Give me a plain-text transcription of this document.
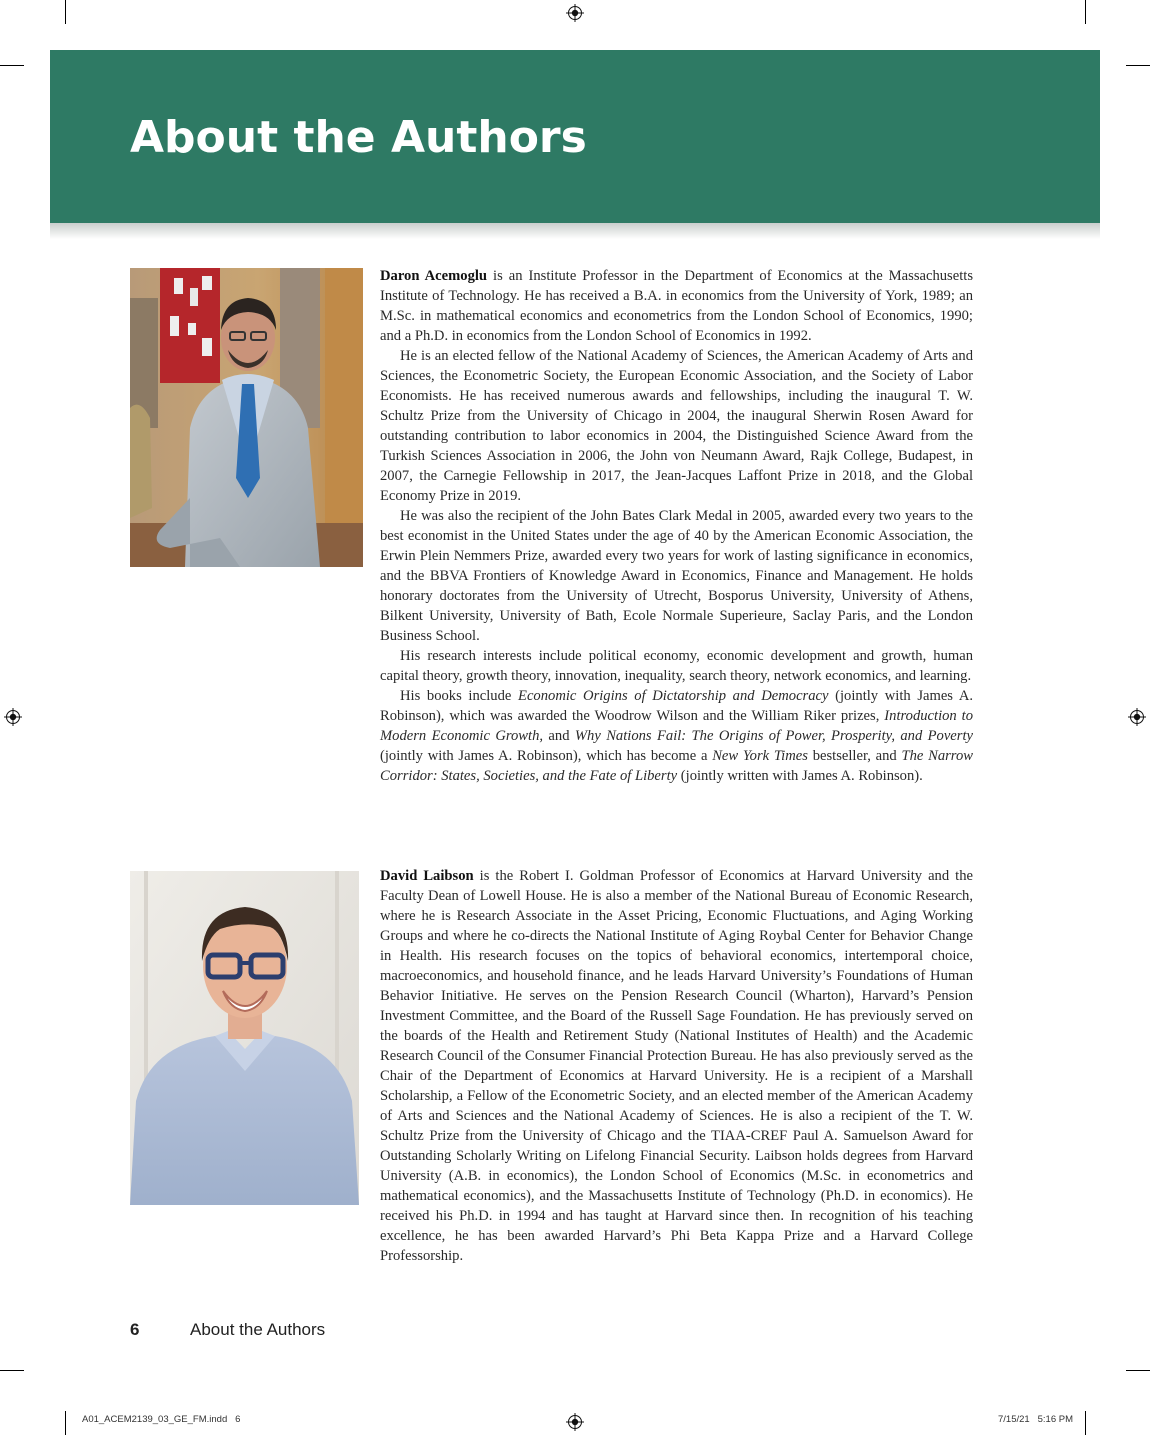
About the Authors

Daron Acemoglu is an Institute Professor in the Department of Economics at the Massachusetts Institute of Technology. He has received a B.A. in economics from the University of York, 1989; an M.Sc. in mathematical economics and econometrics from the London School of Economics, 1990; and a Ph.D. in economics from the London School of Economics in 1992.

He is an elected fellow of the National Academy of Sciences, the American Academy of Arts and Sciences, the Econometric Society, the European Economic Association, and the Society of Labor Economists. He has received numerous awards and fellowships, including the inaugural T. W. Schultz Prize from the University of Chicago in 2004, the inaugural Sherwin Rosen Award for outstanding contribution to labor economics in 2004, the Distinguished Science Award from the Turkish Sciences Association in 2006, the John von Neumann Award, Rajk College, Budapest, in 2007, the Carnegie Fellowship in 2017, the Jean-Jacques Laffont Prize in 2018, and the Global Economy Prize in 2019.

He was also the recipient of the John Bates Clark Medal in 2005, awarded every two years to the best economist in the United States under the age of 40 by the American Economic Association, the Erwin Plein Nemmers Prize, awarded every two years for work of lasting significance in economics, and the BBVA Frontiers of Knowledge Award in Economics, Finance and Management. He holds honorary doctorates from the University of Utrecht, Bosporus University, University of Athens, Bilkent University, University of Bath, Ecole Normale Superieure, Saclay Paris, and the London Business School.

His research interests include political economy, economic development and growth, human capital theory, growth theory, innovation, inequality, search theory, network economics, and learning.

His books include Economic Origins of Dictatorship and Democracy (jointly with James A. Robinson), which was awarded the Woodrow Wilson and the William Riker prizes, Introduction to Modern Economic Growth, and Why Nations Fail: The Origins of Power, Prosperity, and Poverty (jointly with James A. Robinson), which has become a New York Times bestseller, and The Narrow Corridor: States, Societies, and the Fate of Liberty (jointly written with James A. Robinson).

David Laibson is the Robert I. Goldman Professor of Economics at Harvard University and the Faculty Dean of Lowell House. He is also a member of the National Bureau of Economic Research, where he is Research Associate in the Asset Pricing, Economic Fluctuations, and Aging Working Groups and where he co-directs the National Institute of Aging Roybal Center for Behavior Change in Health. His research focuses on the topics of behavioral economics, intertemporal choice, macroeconomics, and household finance, and he leads Harvard University’s Foundations of Human Behavior Initiative. He serves on the Pension Research Council (Wharton), Harvard’s Pension Investment Committee, and the Board of the Russell Sage Foundation. He has previously served on the boards of the Health and Retirement Study (National Institutes of Health) and the Academic Research Council of the Consumer Financial Protection Bureau. He has also previously served as the Chair of the Department of Economics at Harvard University. He is a recipient of a Marshall Scholarship, a Fellow of the Econometric Society, and an elected member of the American Academy of Arts and Sciences and the National Academy of Sciences. He is also a recipient of the T. W. Schultz Prize from the University of Chicago and the TIAA-CREF Paul A. Samuelson Award for Outstanding Scholarly Writing on Lifelong Financial Security. Laibson holds degrees from Harvard University (A.B. in economics), the London School of Economics (M.Sc. in econometrics and mathematical economics), and the Massachusetts Institute of Technology (Ph.D. in economics). He received his Ph.D. in 1994 and has taught at Harvard since then. In recognition of his teaching excellence, he has been awarded Harvard’s Phi Beta Kappa Prize and a Harvard College Professorship.

6	About the Authors
A01_ACEM2139_03_GE_FM.indd   6	7/15/21   5:16 PM
